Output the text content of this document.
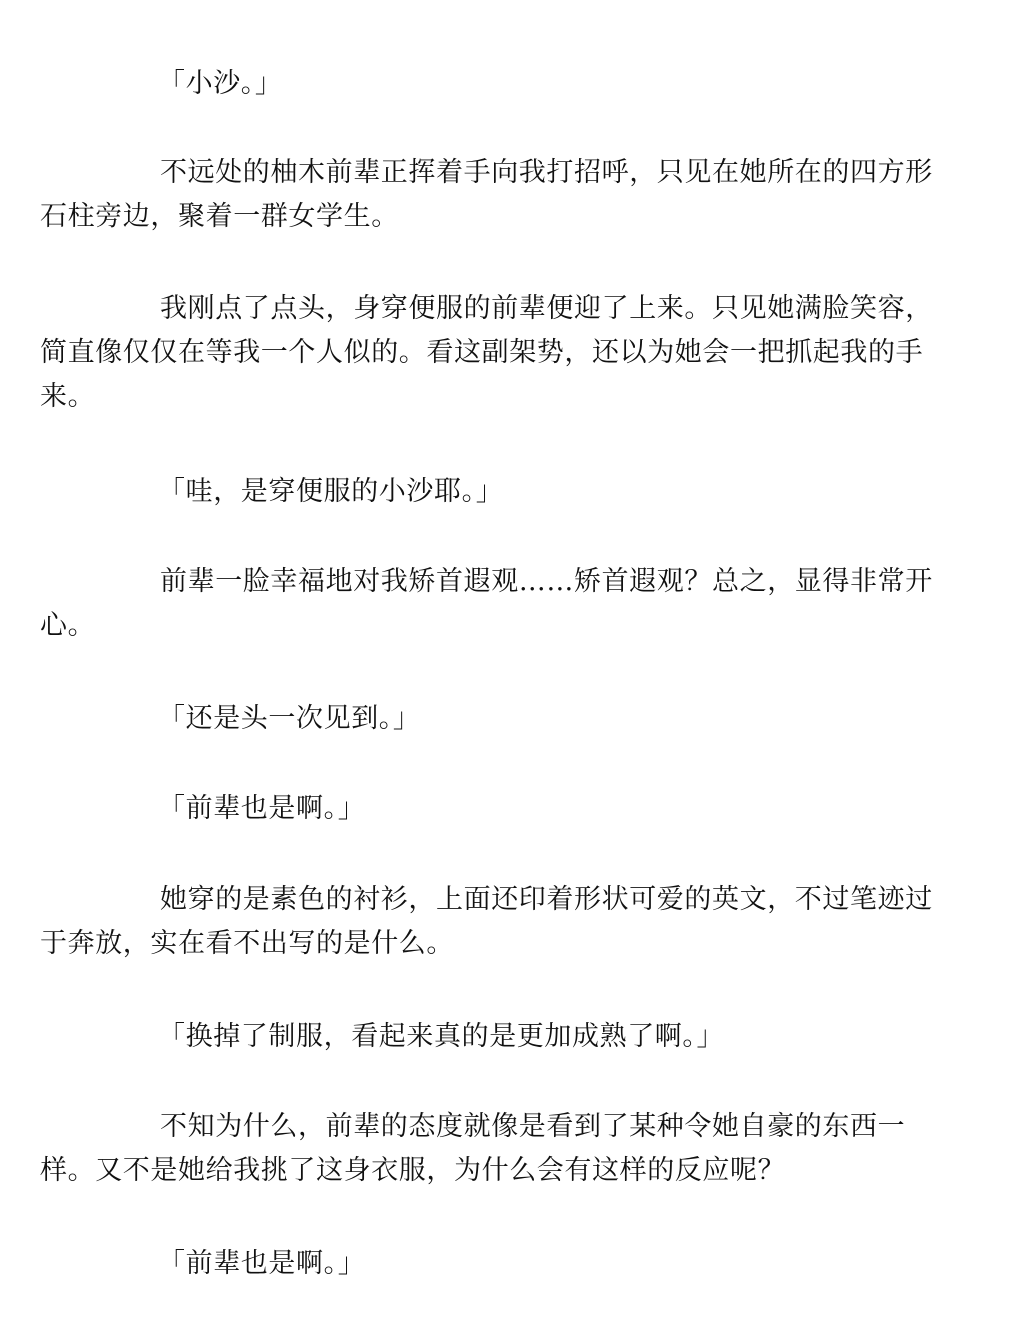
「小沙。」

不远处的柚木前辈正挥着手向我打招呼，只见在她所在的四方形
石柱旁边，聚着一群女学生。

我刚点了点头，身穿便服的前辈便迎了上来。只见她满脸笑容，
简直像仅仅在等我一个人似的。看这副架势，还以为她会一把抓起我的手
来。

「哇，是穿便服的小沙耶。」

前辈一脸幸福地对我矫首遐观……矫首遐观？总之，显得非常开
心。

「还是头一次见到。」

「前辈也是啊。」

她穿的是素色的衬衫，上面还印着形状可爱的英文，不过笔迹过
于奔放，实在看不出写的是什么。

「换掉了制服，看起来真的是更加成熟了啊。」

不知为什么，前辈的态度就像是看到了某种令她自豪的东西一
样。又不是她给我挑了这身衣服，为什么会有这样的反应呢？

「前辈也是啊。」
